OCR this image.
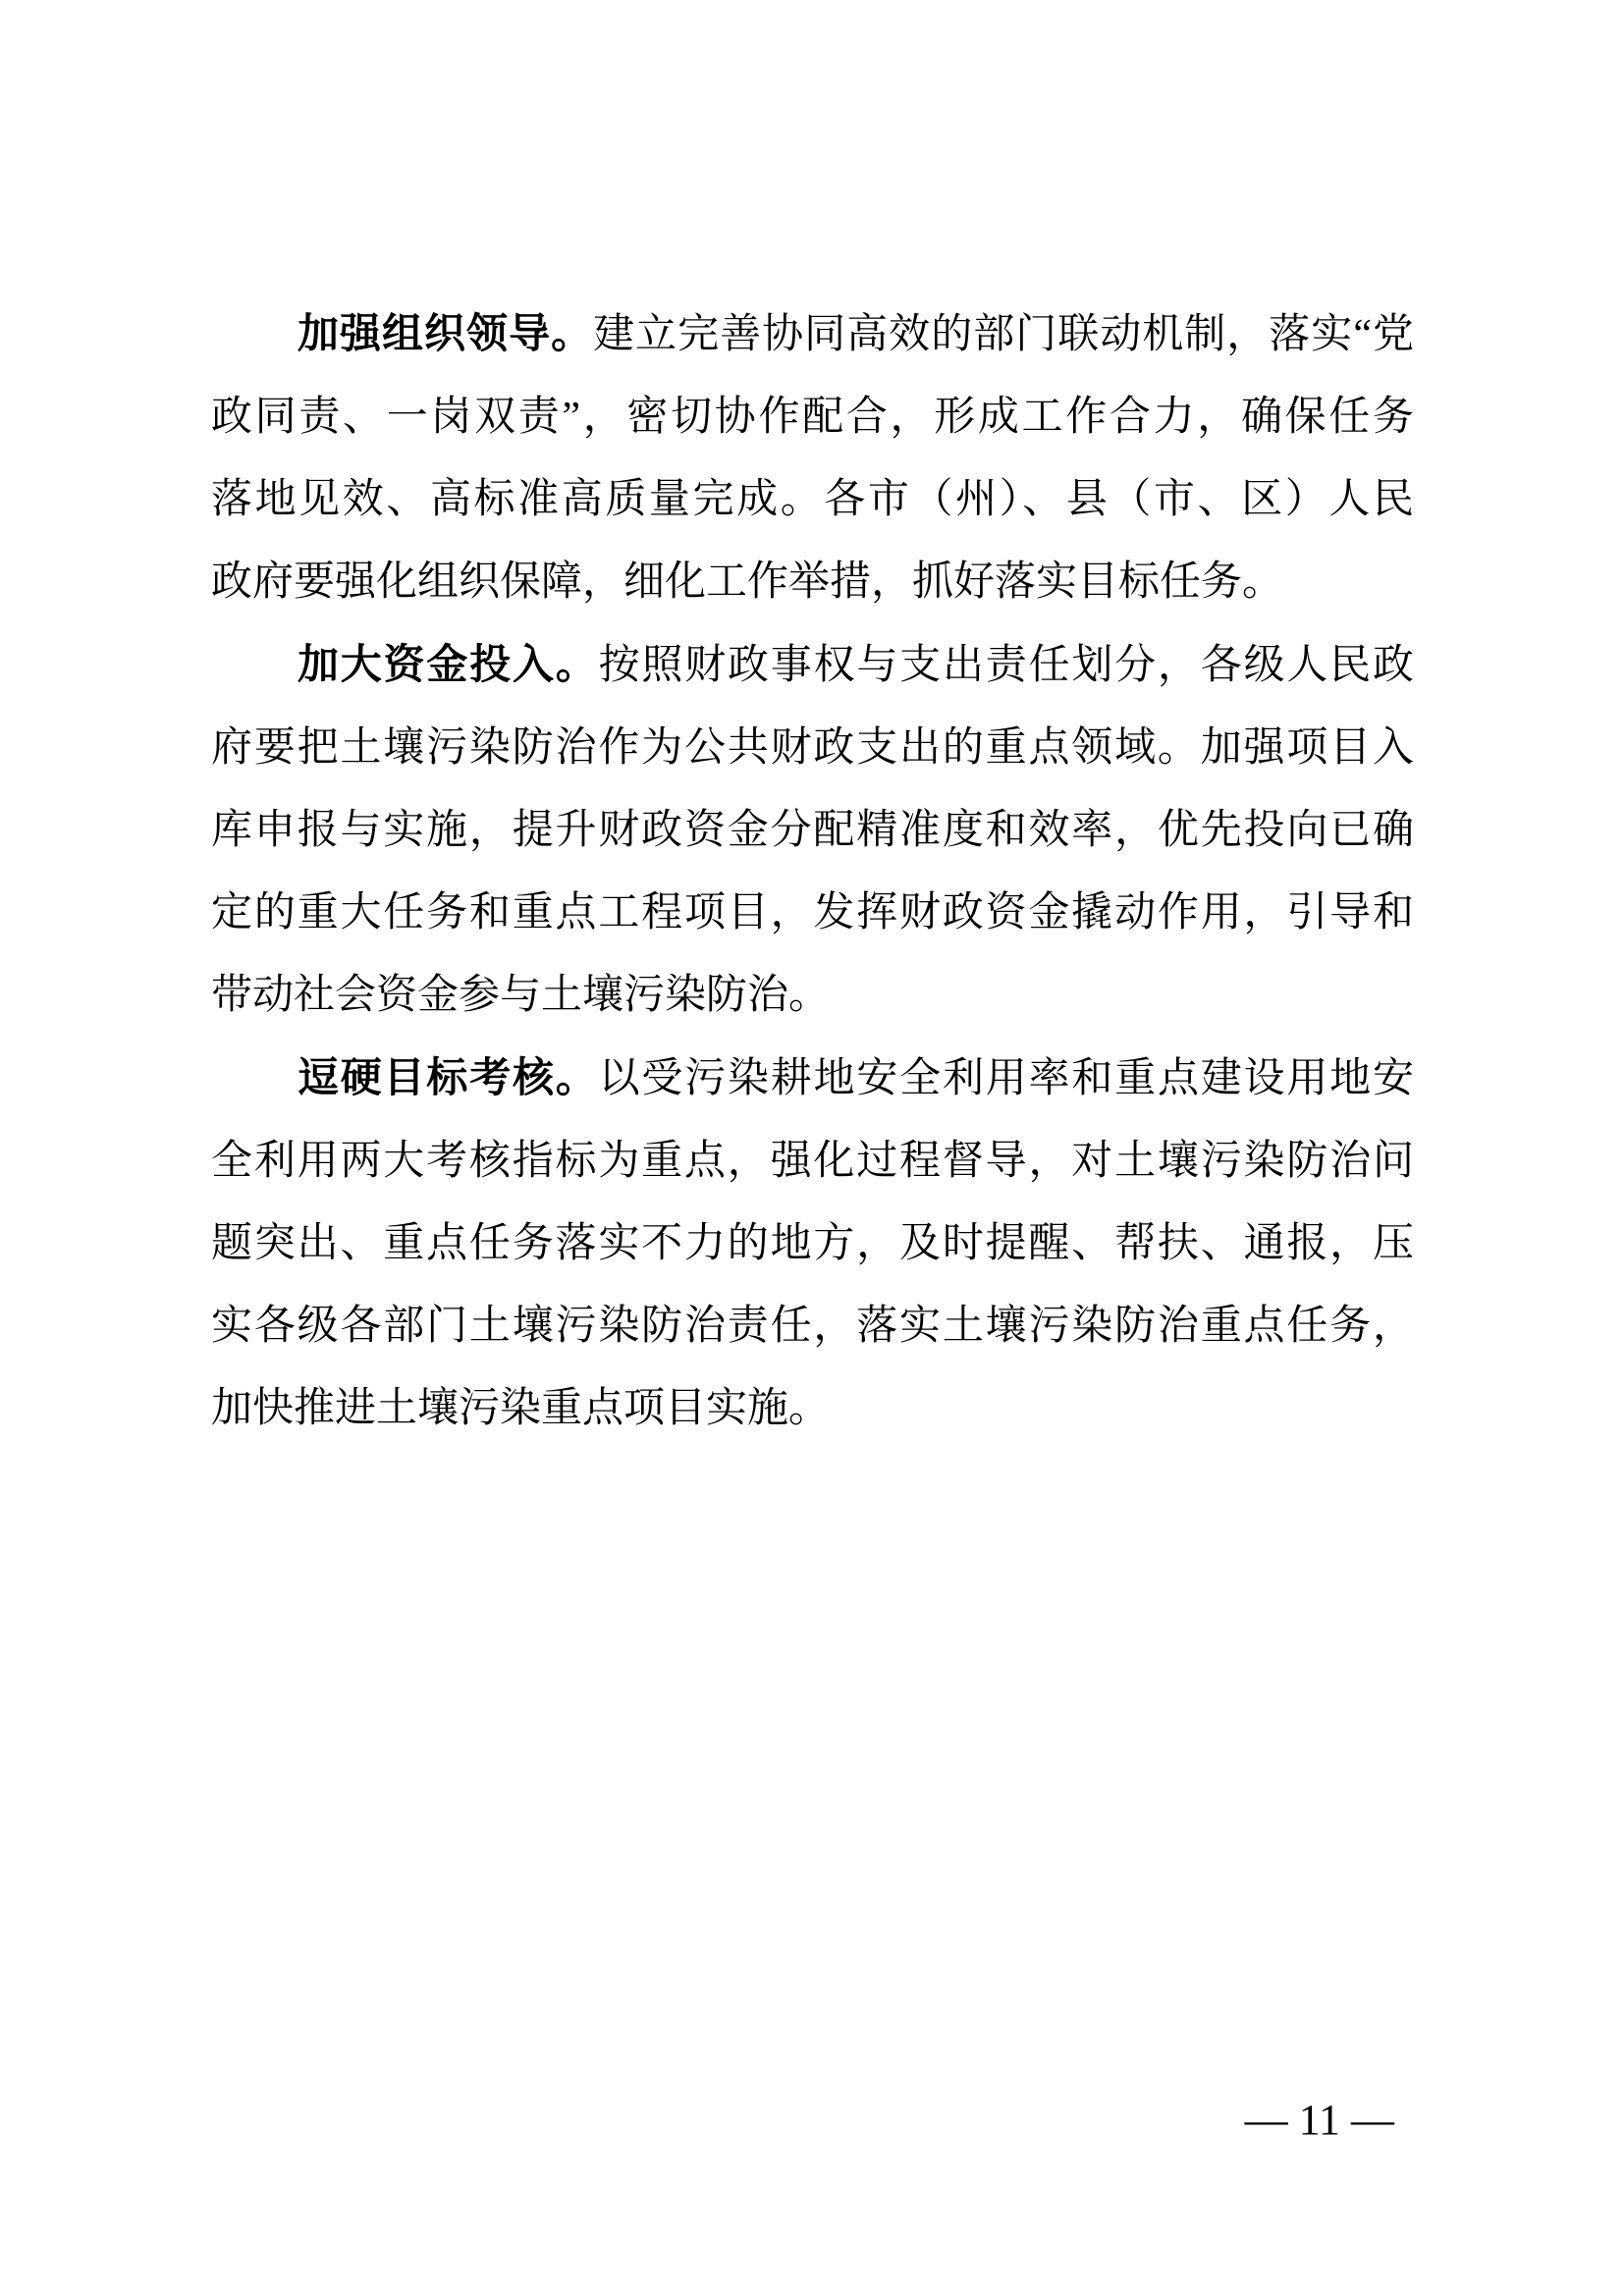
加强组织领导。建立完善协同高效的部门联动机制，落实“党
政同责、一岗双责”，密切协作配合，形成工作合力，确保任务
落地见效、高标准高质量完成。各市（州）、县（市、区）人民
政府要强化组织保障，细化工作举措，抓好落实目标任务。
加大资金投入。按照财政事权与支出责任划分，各级人民政
府要把土壤污染防治作为公共财政支出的重点领域。加强项目入
库申报与实施，提升财政资金分配精准度和效率，优先投向已确
定的重大任务和重点工程项目，发挥财政资金撬动作用，引导和
带动社会资金参与土壤污染防治。
逗硬目标考核。以受污染耕地安全利用率和重点建设用地安
全利用两大考核指标为重点，强化过程督导，对土壤污染防治问
题突出、重点任务落实不力的地方，及时提醒、帮扶、通报，压
实各级各部门土壤污染防治责任，落实土壤污染防治重点任务，
加快推进土壤污染重点项目实施。

— 11 —
